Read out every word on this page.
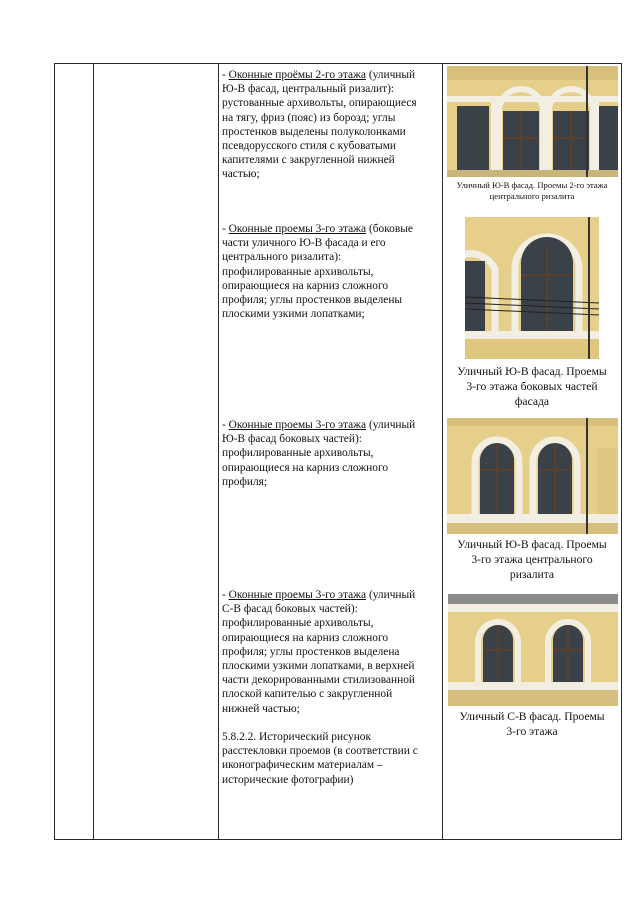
- Оконные проёмы 2-го этажа (уличный
Ю-В фасад, центральный ризалит):
рустованные архивольты, опирающиеся
на тягу, фриз (пояс) из борозд; углы
простенков выделены полуколонками
псевдорусского стиля с кубоватыми
капителями с закругленной нижней
частью;
Уличный Ю-В фасад. Проемы 2-го этажа
центрального ризалита
- Оконные проемы 3-го этажа (боковые
части уличного Ю-В фасада и его
центрального ризалита):
профилированные архивольты,
опирающиеся на карниз сложного
профиля; углы простенков выделены
плоскими узкими лопатками;
Уличный Ю-В фасад. Проемы
3-го этажа боковых частей
фасада
- Оконные проемы 3-го этажа (уличный
Ю-В фасад боковых частей):
профилированные архивольты,
опирающиеся на карниз сложного
профиля;
Уличный Ю-В фасад. Проемы
3-го этажа центрального
ризалита
- Оконные проемы 3-го этажа (уличный
С-В фасад боковых частей):
профилированные архивольты,
опирающиеся на карниз сложного
профиля; углы простенков выделена
плоскими узкими лопатками, в верхней
части декорированными стилизованной
плоской капителью с закругленной
нижней частью;
Уличный С-В фасад. Проемы
3-го этажа
5.8.2.2. Исторический рисунок
расстекловки проемов (в соответствии с
иконографическим материалам –
исторические фотографии)
